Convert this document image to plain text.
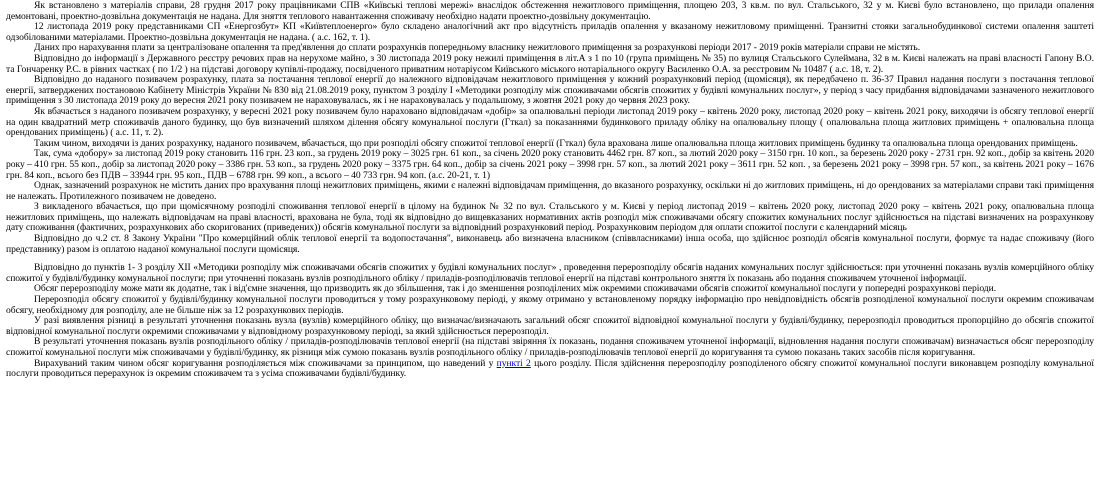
Як встановлено з матеріалів справи, 28 грудня 2017 року працівниками СПВ «Київські теплові мережі» внаслідок обстеження нежитлового приміщення, площею 203, 3 кв.м. по вул. Стальського, 32 у м. Києві було встановлено, що прилади опалення демонтовані, проектно-дозвільна документація не надана. Для зняття теплового навантаження споживачу необхідно надати проектно-дозвільну документацію.

12 листопада 2019 року представниками СП «Енергозбут» КП «Київтеплоенерго» було складено аналогічний акт про відсутність приладів опалення у вказаному нежитловому приміщенні. Транзитні стояки загальнобудинкової системи опалення заштеті одзобілованими матеріалами. Проектно-дозвільна документація не надана. ( а.с. 162, т. 1).

Даних про нарахування плати за централізоване опалення та пред'явлення до сплати розрахунків попередньому власнику нежитлового приміщення за розрахункові періоди 2017 - 2019 років матеріали справи не містять.

Відповідно до інформації з Державного реєстру речових прав на нерухоме майно, з 30 листопада 2019 року нежилі приміщення в літ.А з 1 по 10 (група приміщень № 35) по вулиця Стальського Сулеймана, 32 в м. Києві належать на праві власності Гапону В.О. та Гончаренку Р.С. в рівних частках ( по 1/2 ) на підставі договору купівлі-продажу, посвідченого приватним нотаріусом Київського міського нотаріального округу Василенко О.А. за реєстровим № 10487 ( а.с. 18, т. 2).

Відповідно до наданого позивачем розрахунку, плата за постачання теплової енергії до належного відповідачам нежитлового приміщення у кожний розрахунковий період (щомісяця), як передбачено п. 36-37 Правил надання послуги з постачання теплової енергії, затверджених постановою Кабінету Міністрів України № 830 від 21.08.2019 року, пунктом 3 розділу І «Методики розподілу між споживачами обсягів спожитих у будівлі комунальних послуг», у період з часу придбання відповідачами зазначеного нежитлового приміщення з 30 листопада 2019 року до вересня 2021 року позивачем не нараховувалась, як і не нараховувалась у подальшому, з жовтня 2021 року до червня 2023 року.

Як вбачається з наданого позивачем розрахунку, у вересні 2021 року позивачем було нараховано відповідачам «добір» за опалювальні періоди листопад 2019 року – квітень 2020 року, листопад 2020 року – квітень 2021 року, виходячи із обсягу теплової енергії на один квадратний метр споживачів даного будинку, що був визначений шляхом ділення обсягу комунальної послуги (Гткал) за показаннями будинкового приладу обліку на опалювальну площу ( опалювальна площа житлових приміщень + опалювальна площа орендованих приміщень) ( а.с. 11, т. 2).

Таким чином, виходячи із даних розрахунку, наданого позивачем, вбачається, що при розподілі обсягу спожитої теплової енергії (Гткал) була врахована лише опалювальна площа житлових приміщень будинку та опалювальна площа орендованих приміщень.

Так, сума «добору» за листопад 2019 року становить 116 грн. 23 коп., за грудень 2019 року – 3025 грн. 61 коп., за січень 2020 року становить 4462 грн. 87 коп., за лютий 2020 року – 3150 грн. 10 коп., за березень 2020 року - 2731 грн. 92 коп., добір за квітень 2020 року – 410 грн. 55 коп., добір за листопад 2020 року – 3386 грн. 53 коп., за грудень 2020 року – 3375 грн. 64 коп., добір за січень 2021 року – 3998 грн. 57 коп., за лютий 2021 року – 3611 грн. 52 коп. , за березень 2021 року – 3998 грн. 57 коп., за квітень 2021 року – 1676 грн. 84 коп., всього без ПДВ – 33944 грн. 95 коп., ПДВ – 6788 грн. 99 коп., а всього – 40 733 грн. 94 коп. (а.с. 20-21, т. 1)

Однак, зазначений розрахунок не містить даних про врахування площі нежитлових приміщень, якими є належні відповідачам приміщення, до вказаного розрахунку, оскільки ні до житлових приміщень, ні до орендованих за матеріалами справи такі приміщення не належать. Протилежного позивачем не доведено.

З викладеного вбачається, що при щомісячному розподілі споживання теплової енергії в цілому на будинок № 32 по вул. Стальського у м. Києві у період листопад 2019 – квітень 2020 року, листопад 2020 року – квітень 2021 року, опалювальна площа нежитлових приміщень, що належать відповідачам на праві власності, врахована не була, тоді як відповідно до вищевказаних нормативних актів розподіл між споживачами обсягу спожитих комунальних послуг здійснюється на підставі визначених на розрахункову дату споживання (фактичних, розрахункових або скоригованих (приведених)) обсягів комунальної послуги за відповідний розрахунковий період. Розрахунковим періодом для оплати спожитої послуги є календарний місяць

Відповідно до ч.2 ст. 8 Закону України "Про комерційний облік теплової енергії та водопостачання", виконавець або визначена власником (співвласниками) інша особа, що здійснює розподіл обсягів комунальної послуги, формує та надає споживачу (його представнику) разом із оплатою наданої комунальної послуги щомісяця.

Відповідно до пунктів 1- 3 розділу ХІІ «Методики розподілу між споживачами обсягів спожитих у будівлі комунальних послуг» , проведення перерозподілу обсягів наданих комунальних послуг здійснюється: при уточненні показань вузлів комерційного обліку спожитої у будівлі/будинку комунальної послуги; при уточненні показань вузлів розподільного обліку / приладів-розподілювачів теплової енергії на підставі контрольного зняття їх показань або подання споживачем уточненої інформації.

Обсяг перерозподілу може мати як додатне, так і від'ємне значення, що призводить як до збільшення, так і до зменшення розподілених між окремими споживачами обсягів спожитої комунальної послуги у попередні розрахункові періоди.

Перерозподіл обсягу спожитої у будівлі/будинку комунальної послуги проводиться у тому розрахунковому періоді, у якому отримано у встановленому порядку інформацію про невідповідність обсягів розподіленої комунальної послуги окремим споживачам обсягу, необхідному для розподілу, але не більше ніж за 12 розрахункових періодів.

У разі виявлення різниці в результаті уточнення показань вузла (вузлів) комерційного обліку, що визначає/визначають загальний обсяг спожитої відповідної комунальної послуги у будівлі/будинку, перерозподіл проводиться пропорційно до обсягів спожитої відповідної комунальної послуги окремими споживачами у відповідному розрахунковому періоді, за який здійснюється перерозподіл.

В результаті уточнення показань вузлів розподільного обліку / приладів-розподілювачів теплової енергії (на підставі звіряння їх показань, подання споживачем уточненої інформації, відновлення надання послуги споживачам) визначається обсяг перерозподілу спожитої комунальної послуги між споживачами у будівлі/будинку, як різниця між сумою показань вузлів розподільного обліку / приладів-розподілювачів теплової енергії до коригування та сумою показань таких засобів після коригування.

Вирахуваний таким чином обсяг коригування розподіляється між споживачами за принципом, що наведений у пункті 2 цього розділу. Після здійснення перерозподілу розподіленого обсягу спожитої комунальної послуги виконавцем розподілу комунальної послуги проводиться перерахунок із окремим споживачем та з усіма споживачами будівлі/будинку.
